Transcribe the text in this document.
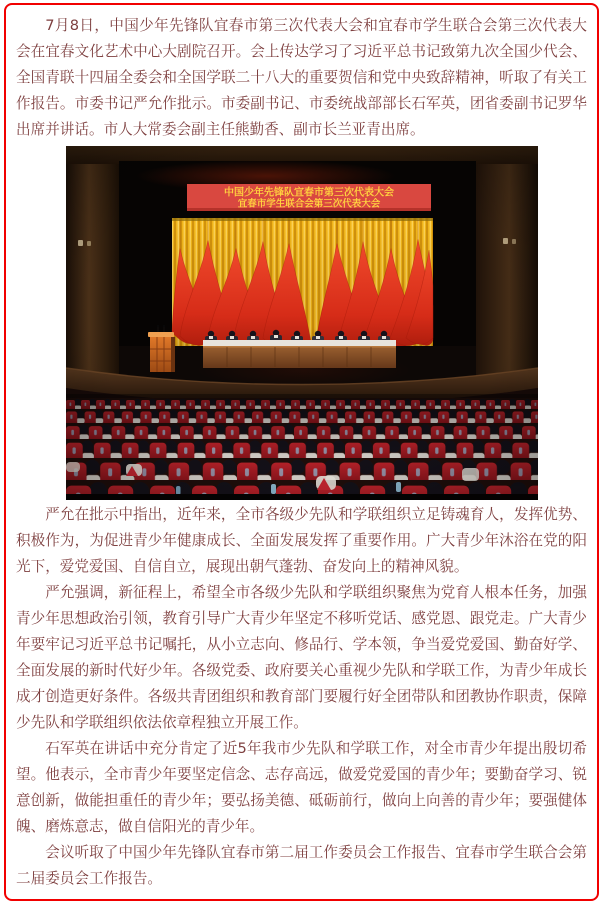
7月8日，中国少年先锋队宜春市第三次代表大会和宜春市学生联合会第三次代表大会在宜春文化艺术中心大剧院召开。会上传达学习了习近平总书记致第九次全国少代会、全国青联十四届全委会和全国学联二十八大的重要贺信和党中央致辞精神，听取了有关工作报告。市委书记严允作批示。市委副书记、市委统战部部长石军英，团省委副书记罗华出席并讲话。市人大常委会副主任熊勤香、副市长兰亚青出席。

严允在批示中指出，近年来，全市各级少先队和学联组织立足铸魂育人，发挥优势、积极作为，为促进青少年健康成长、全面发展发挥了重要作用。广大青少年沐浴在党的阳光下，爱党爱国、自信自立，展现出朝气蓬勃、奋发向上的精神风貌。

严允强调，新征程上，希望全市各级少先队和学联组织聚焦为党育人根本任务，加强青少年思想政治引领，教育引导广大青少年坚定不移听党话、感党恩、跟党走。广大青少年要牢记习近平总书记嘱托，从小立志向、修品行、学本领，争当爱党爱国、勤奋好学、全面发展的新时代好少年。各级党委、政府要关心重视少先队和学联工作，为青少年成长成才创造更好条件。各级共青团组织和教育部门要履行好全团带队和团教协作职责，保障少先队和学联组织依法依章程独立开展工作。

石军英在讲话中充分肯定了近5年我市少先队和学联工作，对全市青少年提出殷切希望。他表示，全市青少年要坚定信念、志存高远，做爱党爱国的青少年；要勤奋学习、锐意创新，做能担重任的青少年；要弘扬美德、砥砺前行，做向上向善的青少年；要强健体魄、磨炼意志，做自信阳光的青少年。

会议听取了中国少年先锋队宜春市第二届工作委员会工作报告、宜春市学生联合会第二届委员会工作报告。
